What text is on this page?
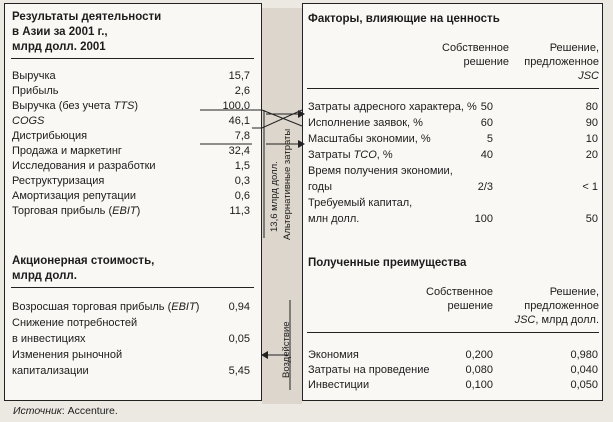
Результаты деятельности
в Азии за 2001 г.,
млрд долл. 2001
Выручка	15,7
Прибыль	2,6
Выручка (без учета TTS)	100,0
COGS	46,1
Дистрибьюция	7,8
Продажа и маркетинг	32,4
Исследования и разработки	1,5
Реструктуризация	0,3
Амортизация репутации	0,6
Торговая прибыль (EBIT)	11,3
Акционерная стоимость,
млрд долл.
Возросшая торговая прибыль (EBIT)	0,94
Снижение потребностей
в инвестициях	0,05
Изменения рыночной
капитализации	5,45
Факторы, влияющие на ценность
Собственное
решение
Решение,
предложенное
JSC
Затраты адресного характера, % 50	80
Исполнение заявок, %	60	90
Масштабы экономии, %	5	10
Затраты TCO, %	40	20
Время получения экономии,
годы	2/3	< 1
Требуемый капитал,
млн долл.	100	50
Полученные преимущества
Собственное
решение
Решение,
предложенное
JSC, млрд долл.
Экономия	0,200	0,980
Затраты на проведение	0,080	0,040
Инвестиции	0,100	0,050
13,6 млрд долл. Альтернативные затраты
Воздействие
Источник: Accenture.
